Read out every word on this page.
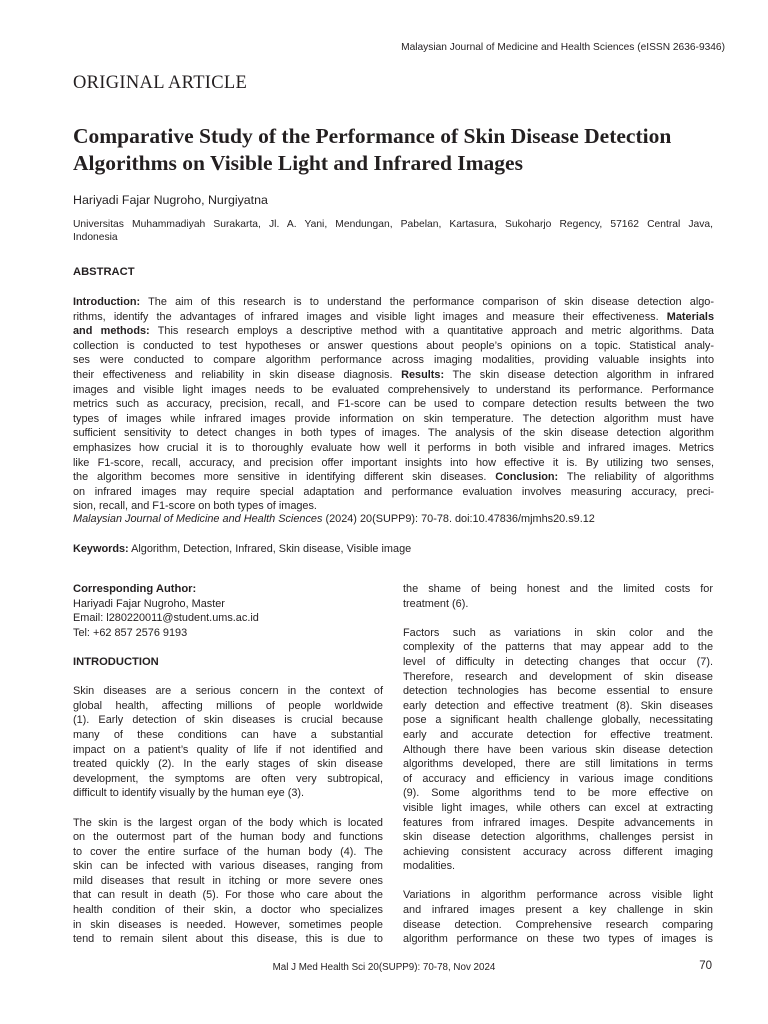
Malaysian Journal of Medicine and Health Sciences (eISSN 2636-9346)
ORIGINAL ARTICLE
Comparative Study of the Performance of Skin Disease Detection
Algorithms on Visible Light and Infrared Images
Hariyadi Fajar Nugroho, Nurgiyatna
Universitas Muhammadiyah Surakarta, Jl. A. Yani, Mendungan, Pabelan, Kartasura, Sukoharjo Regency, 57162 Central Java,
Indonesia
ABSTRACT
Introduction: The aim of this research is to understand the performance comparison of skin disease detection algo-
rithms, identify the advantages of infrared images and visible light images and measure their effectiveness. Materials
and methods: This research employs a descriptive method with a quantitative approach and metric algorithms. Data
collection is conducted to test hypotheses or answer questions about people’s opinions on a topic. Statistical analy-
ses were conducted to compare algorithm performance across imaging modalities, providing valuable insights into
their effectiveness and reliability in skin disease diagnosis. Results: The skin disease detection algorithm in infrared
images and visible light images needs to be evaluated comprehensively to understand its performance. Performance
metrics such as accuracy, precision, recall, and F1-score can be used to compare detection results between the two
types of images while infrared images provide information on skin temperature. The detection algorithm must have
sufficient sensitivity to detect changes in both types of images. The analysis of the skin disease detection algorithm
emphasizes how crucial it is to thoroughly evaluate how well it performs in both visible and infrared images. Metrics
like F1-score, recall, accuracy, and precision offer important insights into how effective it is. By utilizing two senses,
the algorithm becomes more sensitive in identifying different skin diseases. Conclusion: The reliability of algorithms
on infrared images may require special adaptation and performance evaluation involves measuring accuracy, preci-
sion, recall, and F1-score on both types of images.
Malaysian Journal of Medicine and Health Sciences (2024) 20(SUPP9): 70-78. doi:10.47836/mjmhs20.s9.12
Keywords: Algorithm, Detection, Infrared, Skin disease, Visible image
Corresponding Author:
Hariyadi Fajar Nugroho, Master
Email: l280220011@student.ums.ac.id
Tel: +62 857 2576 9193
INTRODUCTION
Skin diseases are a serious concern in the context of
global health, affecting millions of people worldwide
(1). Early detection of skin diseases is crucial because
many of these conditions can have a substantial
impact on a patient’s quality of life if not identified and
treated quickly (2). In the early stages of skin disease
development, the symptoms are often very subtropical,
difficult to identify visually by the human eye (3).
The skin is the largest organ of the body which is located
on the outermost part of the human body and functions
to cover the entire surface of the human body (4). The
skin can be infected with various diseases, ranging from
mild diseases that result in itching or more severe ones
that can result in death (5). For those who care about the
health condition of their skin, a doctor who specializes
in skin diseases is needed. However, sometimes people
tend to remain silent about this disease, this is due to
the shame of being honest and the limited costs for
treatment (6).
Factors such as variations in skin color and the
complexity of the patterns that may appear add to the
level of difficulty in detecting changes that occur (7).
Therefore, research and development of skin disease
detection technologies has become essential to ensure
early detection and effective treatment (8). Skin diseases
pose a significant health challenge globally, necessitating
early and accurate detection for effective treatment.
Although there have been various skin disease detection
algorithms developed, there are still limitations in terms
of accuracy and efficiency in various image conditions
(9). Some algorithms tend to be more effective on
visible light images, while others can excel at extracting
features from infrared images. Despite advancements in
skin disease detection algorithms, challenges persist in
achieving consistent accuracy across different imaging
modalities.
Variations in algorithm performance across visible light
and infrared images present a key challenge in skin
disease detection. Comprehensive research comparing
algorithm performance on these two types of images is
Mal J Med Health Sci 20(SUPP9): 70-78, Nov 2024	70
